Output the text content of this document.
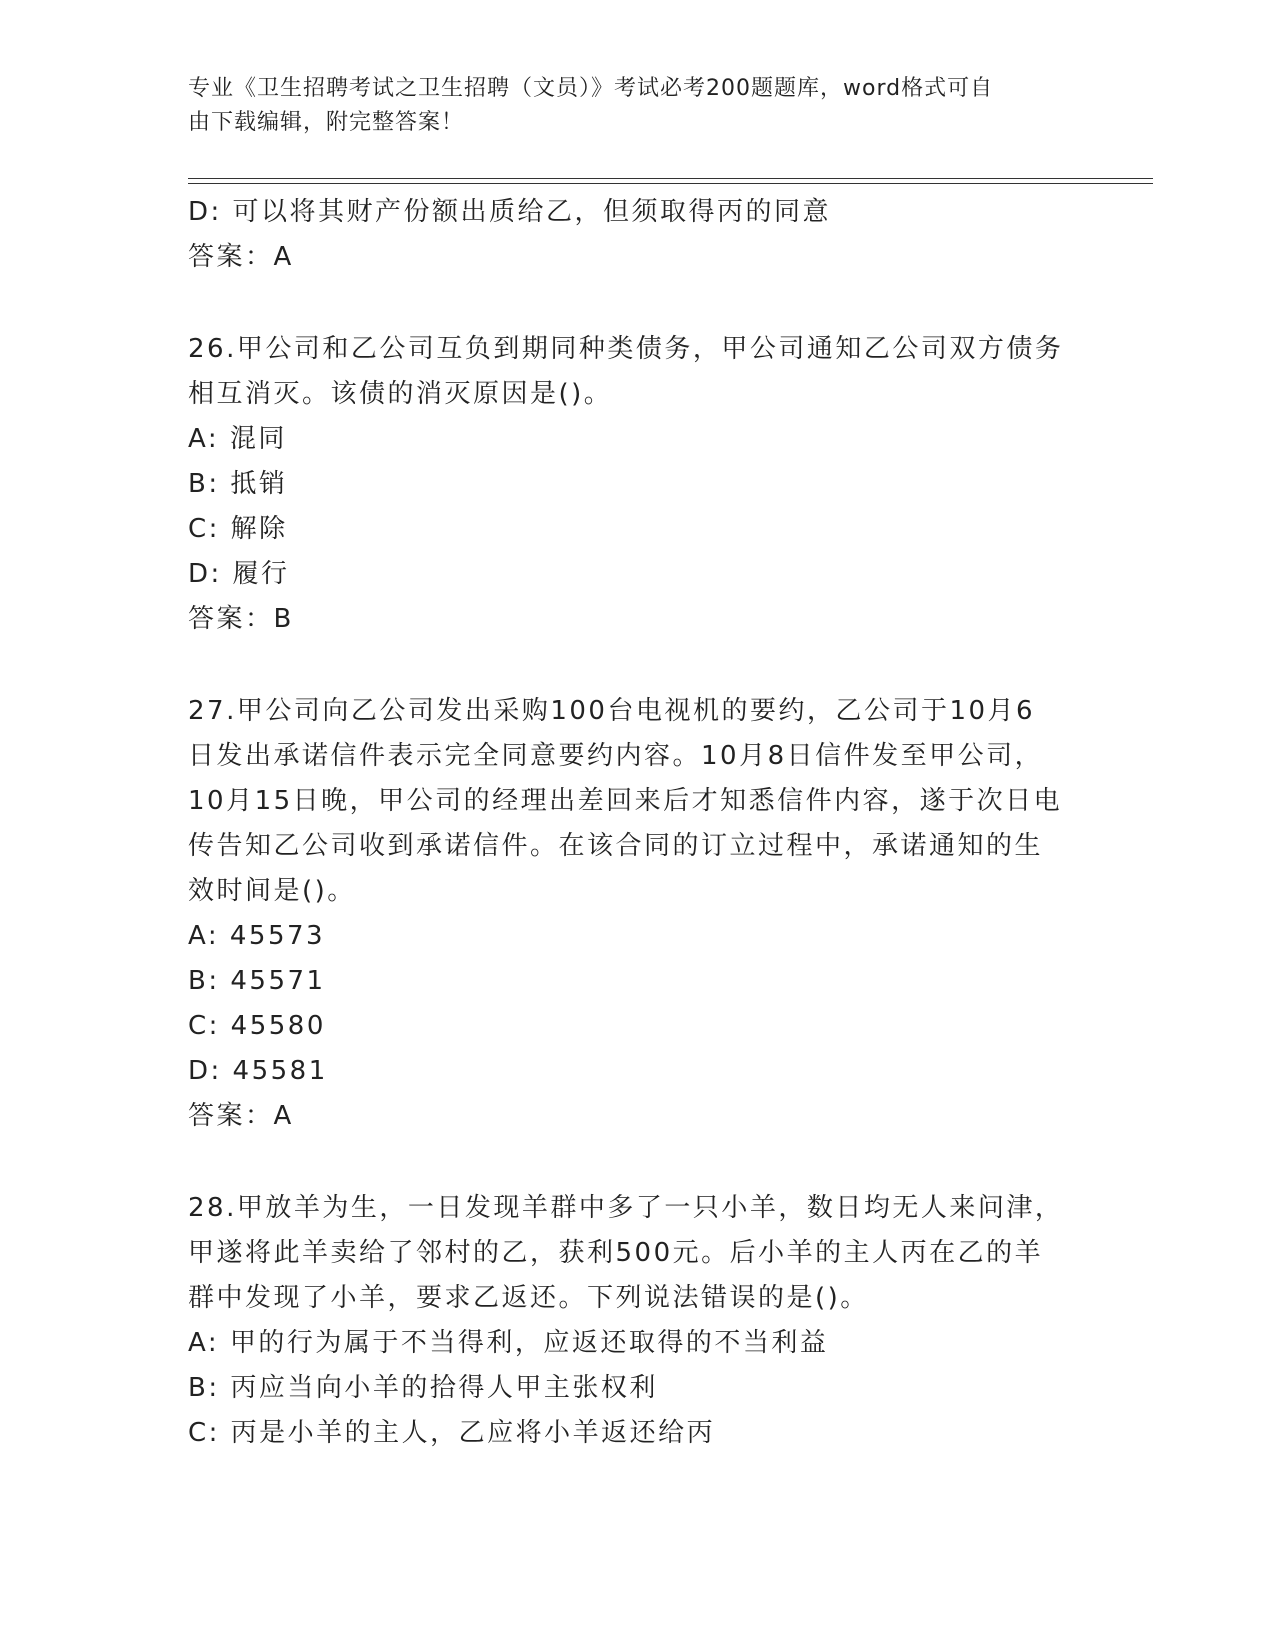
专业《卫生招聘考试之卫生招聘（文员）》考试必考200题题库，word格式可自
由下载编辑，附完整答案！
D: 可以将其财产份额出质给乙，但须取得丙的同意
答案：A
26.甲公司和乙公司互负到期同种类债务，甲公司通知乙公司双方债务
相互消灭。该债的消灭原因是()。
A: 混同
B: 抵销
C: 解除
D: 履行
答案：B
27.甲公司向乙公司发出采购100台电视机的要约，乙公司于10月6
日发出承诺信件表示完全同意要约内容。10月8日信件发至甲公司，
10月15日晚，甲公司的经理出差回来后才知悉信件内容，遂于次日电
传告知乙公司收到承诺信件。在该合同的订立过程中，承诺通知的生
效时间是()。
A: 45573
B: 45571
C: 45580
D: 45581
答案：A
28.甲放羊为生，一日发现羊群中多了一只小羊，数日均无人来问津，
甲遂将此羊卖给了邻村的乙，获利500元。后小羊的主人丙在乙的羊
群中发现了小羊，要求乙返还。下列说法错误的是()。
A: 甲的行为属于不当得利，应返还取得的不当利益
B: 丙应当向小羊的拾得人甲主张权利
C: 丙是小羊的主人，乙应将小羊返还给丙
